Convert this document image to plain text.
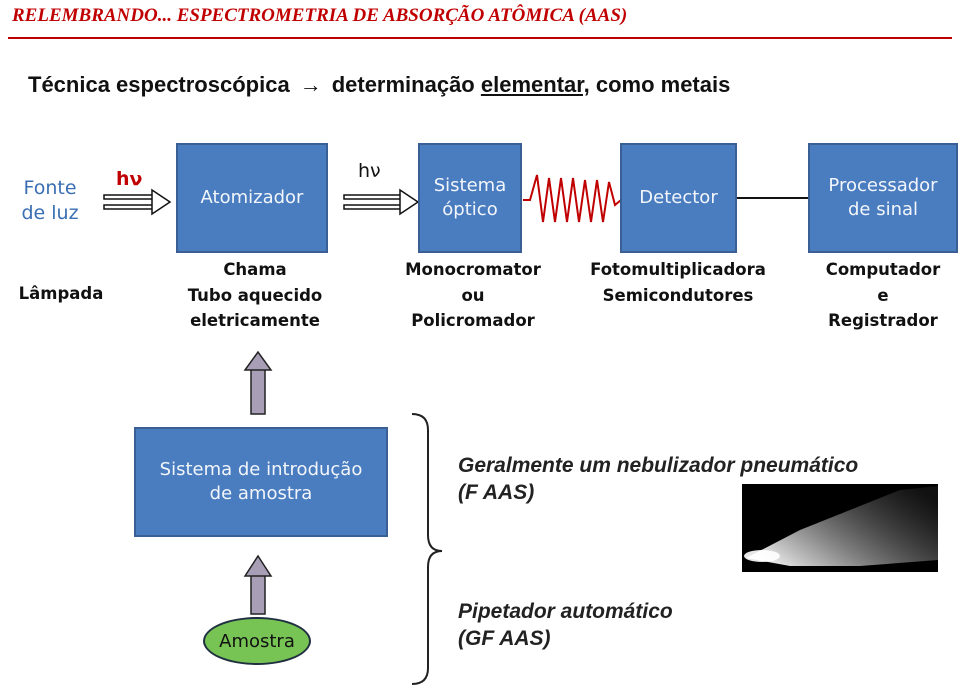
RELEMBRANDO... ESPECTROMETRIA DE ABSORÇÃO ATÔMICA (AAS)
Técnica espectroscópica → determinação
elementar,
como metais
Fonte
de luz
hν
Atomizador
hν
Sistema
óptico
Detector
Processador
de sinal
Lâmpada
Chama
Tubo aquecido
eletricamente
Monocromator
ou
Policromador
Fotomultiplicadora
Semicondutores
Computador
e
Registrador
Sistema de introdução
de amostra
Amostra
Geralmente um nebulizador pneumático
(F AAS)
Pipetador automático
(GF AAS)
